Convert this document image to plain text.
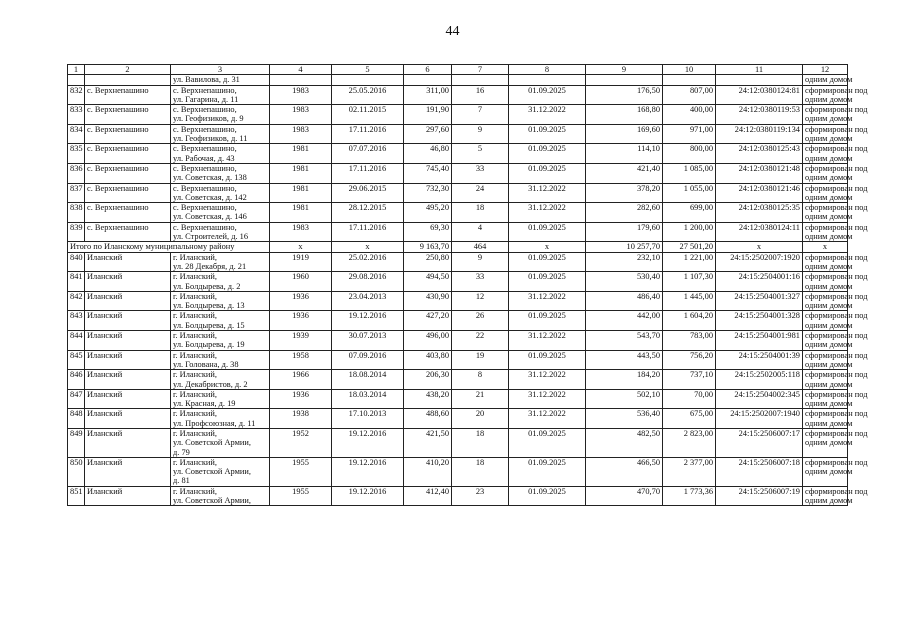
44
1	2	3	4	5	6	7	8	9	10	11	12
		ул. Вавилова, д. 31									одним домом
832	с. Верхнепашино	с. Верхнепашино,
ул. Гагарина, д. 11	1983	25.05.2016	311,00	16	01.09.2025	176,50	807,00	24:12:0380124:81	сформирован под
одним домом
833	с. Верхнепашино	с. Верхнепашино,
ул. Геофизиков, д. 9	1983	02.11.2015	191,90	7	31.12.2022	168,80	400,00	24:12:0380119:53	сформирован под
одним домом
834	с. Верхнепашино	с. Верхнепашино,
ул. Геофизиков, д. 11	1983	17.11.2016	297,60	9	01.09.2025	169,60	971,00	24:12:0380119:134	сформирован под
одним домом
835	с. Верхнепашино	с. Верхнепашино,
ул. Рабочая, д. 43	1981	07.07.2016	46,80	5	01.09.2025	114,10	800,00	24:12:0380125:43	сформирован под
одним домом
836	с. Верхнепашино	с. Верхнепашино,
ул. Советская, д. 138	1981	17.11.2016	745,40	33	01.09.2025	421,40	1 085,00	24:12:0380121:48	сформирован под
одним домом
837	с. Верхнепашино	с. Верхнепашино,
ул. Советская, д. 142	1981	29.06.2015	732,30	24	31.12.2022	378,20	1 055,00	24:12:0380121:46	сформирован под
одним домом
838	с. Верхнепашино	с. Верхнепашино,
ул. Советская, д. 146	1981	28.12.2015	495,20	18	31.12.2022	282,60	699,00	24:12:0380125:35	сформирован под
одним домом
839	с. Верхнепашино	с. Верхнепашино,
ул. Строителей, д. 16	1983	17.11.2016	69,30	4	01.09.2025	179,60	1 200,00	24:12:0380124:11	сформирован под
одним домом
Итого по Иланскому муниципальному району			х	х	9 163,70	464	х	10 257,70	27 501,20	х	х
840	Иланский	г. Иланский,
ул. 28 Декабря, д. 21	1919	25.02.2016	250,80	9	01.09.2025	232,10	1 221,00	24:15:2502007:1920	сформирован под
одним домом
841	Иланский	г. Иланский,
ул. Болдырева, д. 2	1960	29.08.2016	494,50	33	01.09.2025	530,40	1 107,30	24:15:2504001:16	сформирован под
одним домом
842	Иланский	г. Иланский,
ул. Болдырева, д. 13	1936	23.04.2013	430,90	12	31.12.2022	486,40	1 445,00	24:15:2504001:327	сформирован под
одним домом
843	Иланский	г. Иланский,
ул. Болдырева, д. 15	1936	19.12.2016	427,20	26	01.09.2025	442,00	1 604,20	24:15:2504001:328	сформирован под
одним домом
844	Иланский	г. Иланский,
ул. Болдырева, д. 19	1939	30.07.2013	496,00	22	31.12.2022	543,70	783,00	24:15:2504001:981	сформирован под
одним домом
845	Иланский	г. Иланский,
ул. Голована, д. 38	1958	07.09.2016	403,80	19	01.09.2025	443,50	756,20	24:15:2504001:39	сформирован под
одним домом
846	Иланский	г. Иланский,
ул. Декабристов, д. 2	1966	18.08.2014	206,30	8	31.12.2022	184,20	737,10	24:15:2502005:118	сформирован под
одним домом
847	Иланский	г. Иланский,
ул. Красная, д. 19	1936	18.03.2014	438,20	21	31.12.2022	502,10	70,00	24:15:2504002:345	сформирован под
одним домом
848	Иланский	г. Иланский,
ул. Профсоюзная, д. 11	1938	17.10.2013	488,60	20	31.12.2022	536,40	675,00	24:15:2502007:1940	сформирован под
одним домом
849	Иланский	г. Иланский,
ул. Советской Армии,
д. 79	1952	19.12.2016	421,50	18	01.09.2025	482,50	2 823,00	24:15:2506007:17	сформирован под
одним домом
850	Иланский	г. Иланский,
ул. Советской Армии,
д. 81	1955	19.12.2016	410,20	18	01.09.2025	466,50	2 377,00	24:15:2506007:18	сформирован под
одним домом
851	Иланский	г. Иланский,
ул. Советской Армии,	1955	19.12.2016	412,40	23	01.09.2025	470,70	1 773,36	24:15:2506007:19	сформирован под
одним домом
